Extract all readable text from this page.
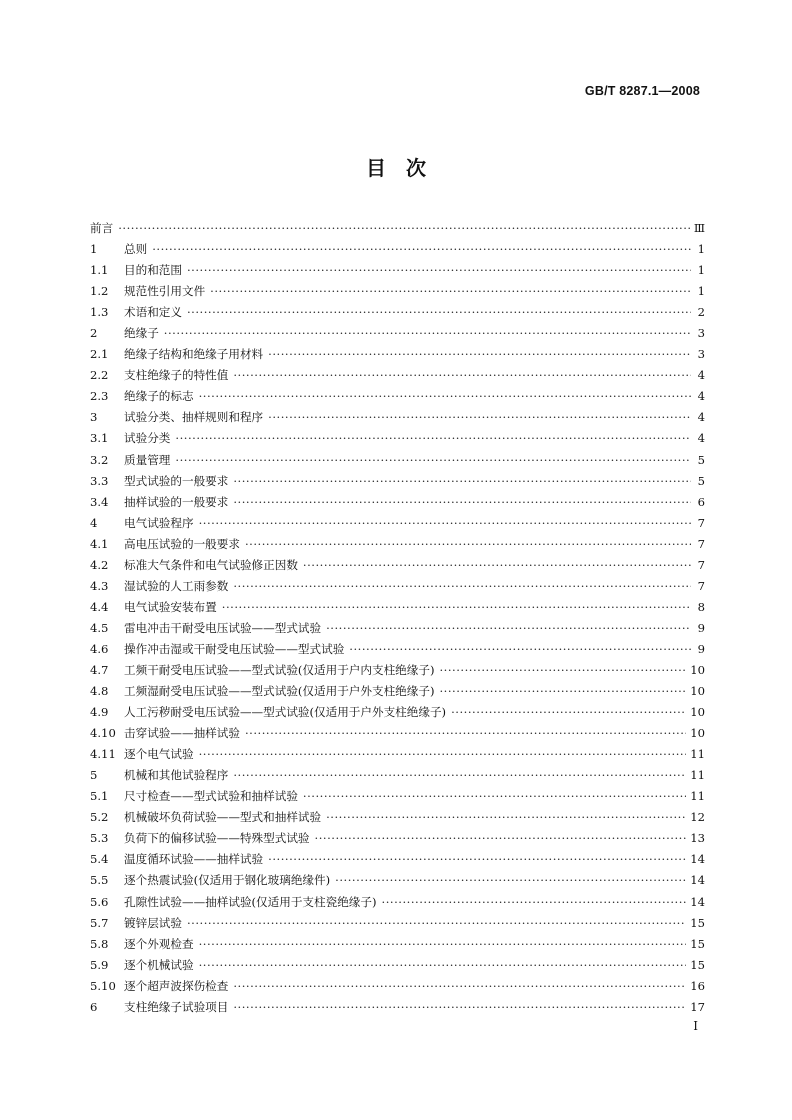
GB/T 8287.1—2008
目　次
前言 ·····	Ⅲ
1	总则 ·····	1
1.1	目的和范围 ·····	1
1.2	规范性引用文件 ·····	1
1.3	术语和定义 ·····	2
2	绝缘子 ·····	3
2.1	绝缘子结构和绝缘子用材料 ·····	3
2.2	支柱绝缘子的特性值 ·····	4
2.3	绝缘子的标志 ·····	4
3	试验分类、抽样规则和程序 ·····	4
3.1	试验分类 ·····	4
3.2	质量管理 ·····	5
3.3	型式试验的一般要求 ·····	5
3.4	抽样试验的一般要求 ·····	6
4	电气试验程序 ·····	7
4.1	高电压试验的一般要求 ·····	7
4.2	标准大气条件和电气试验修正因数 ·····	7
4.3	湿试验的人工雨参数 ·····	7
4.4	电气试验安装布置 ·····	8
4.5	雷电冲击干耐受电压试验——型式试验 ·····	9
4.6	操作冲击湿或干耐受电压试验——型式试验 ·····	9
4.7	工频干耐受电压试验——型式试验(仅适用于户内支柱绝缘子) ·····	10
4.8	工频湿耐受电压试验——型式试验(仅适用于户外支柱绝缘子) ·····	10
4.9	人工污秽耐受电压试验——型式试验(仅适用于户外支柱绝缘子) ·····	10
4.10 击穿试验——抽样试验 ·····	10
4.11 逐个电气试验 ·····	11
5	机械和其他试验程序 ·····	11
5.1	尺寸检查——型式试验和抽样试验 ·····	11
5.2	机械破坏负荷试验——型式和抽样试验 ·····	12
5.3	负荷下的偏移试验——特殊型式试验 ·····	13
5.4	温度循环试验——抽样试验 ·····	14
5.5	逐个热震试验(仅适用于钢化玻璃绝缘件) ·····	14
5.6	孔隙性试验——抽样试验(仅适用于支柱瓷绝缘子) ·····	14
5.7	镀锌层试验 ·····	15
5.8	逐个外观检查 ·····	15
5.9	逐个机械试验 ·····	15
5.10 逐个超声波探伤检查 ·····	16
6	支柱绝缘子试验项目 ·····	17
Ⅰ
